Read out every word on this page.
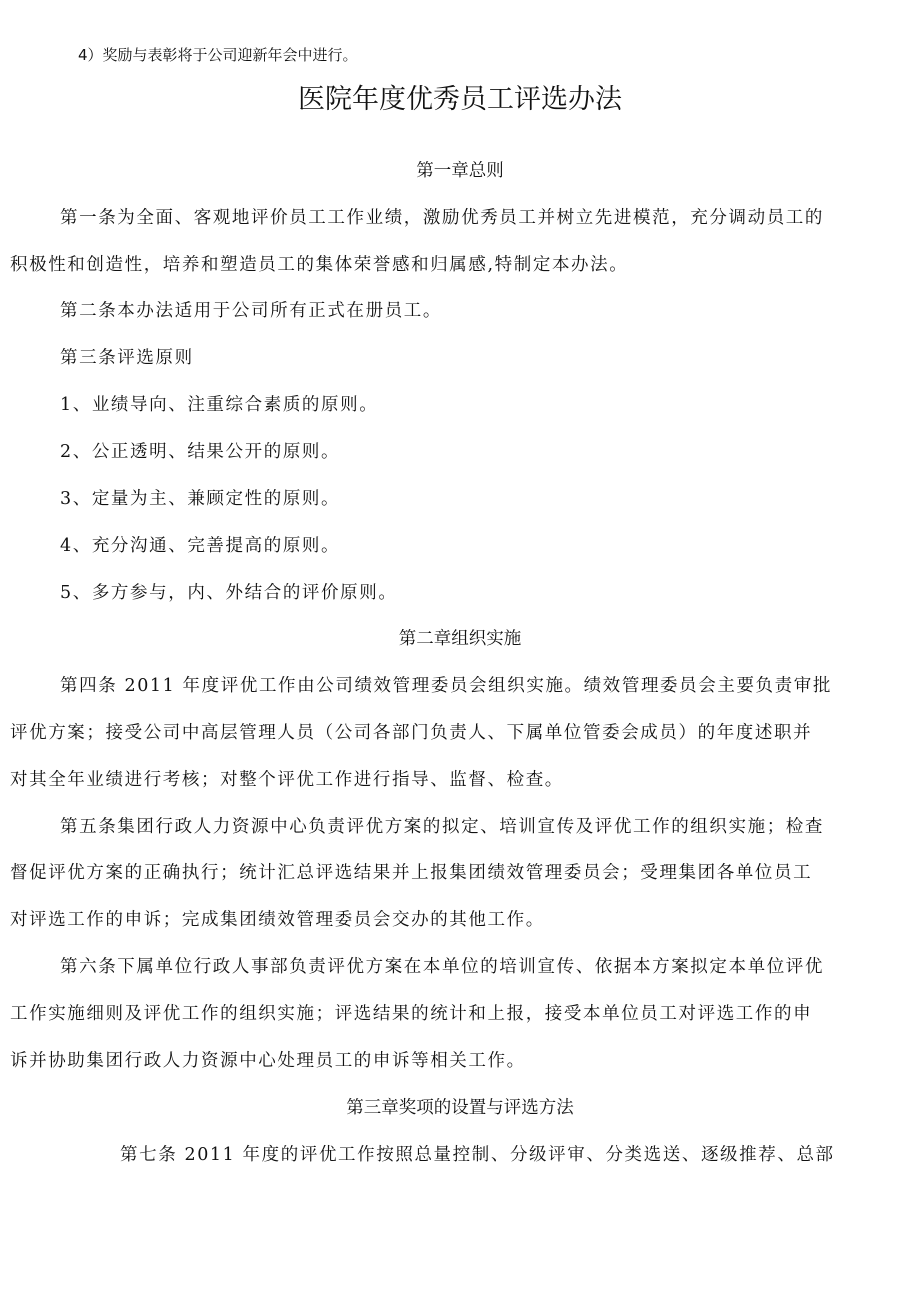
4）奖励与表彰将于公司迎新年会中进行。
医院年度优秀员工评选办法
第一章总则
第一条为全面、客观地评价员工工作业绩，激励优秀员工并树立先进模范，充分调动员工的
积极性和创造性，培养和塑造员工的集体荣誉感和归属感,特制定本办法。
第二条本办法适用于公司所有正式在册员工。
第三条评选原则
1、业绩导向、注重综合素质的原则。
2、公正透明、结果公开的原则。
3、定量为主、兼顾定性的原则。
4、充分沟通、完善提高的原则。
5、多方参与，内、外结合的评价原则。
第二章组织实施
第四条 2011 年度评优工作由公司绩效管理委员会组织实施。绩效管理委员会主要负责审批
评优方案；接受公司中高层管理人员（公司各部门负责人、下属单位管委会成员）的年度述职并
对其全年业绩进行考核；对整个评优工作进行指导、监督、检查。
第五条集团行政人力资源中心负责评优方案的拟定、培训宣传及评优工作的组织实施；检查
督促评优方案的正确执行；统计汇总评选结果并上报集团绩效管理委员会；受理集团各单位员工
对评选工作的申诉；完成集团绩效管理委员会交办的其他工作。
第六条下属单位行政人事部负责评优方案在本单位的培训宣传、依据本方案拟定本单位评优
工作实施细则及评优工作的组织实施；评选结果的统计和上报，接受本单位员工对评选工作的申
诉并协助集团行政人力资源中心处理员工的申诉等相关工作。
第三章奖项的设置与评选方法
第七条 2011 年度的评优工作按照总量控制、分级评审、分类选送、逐级推荐、总部
